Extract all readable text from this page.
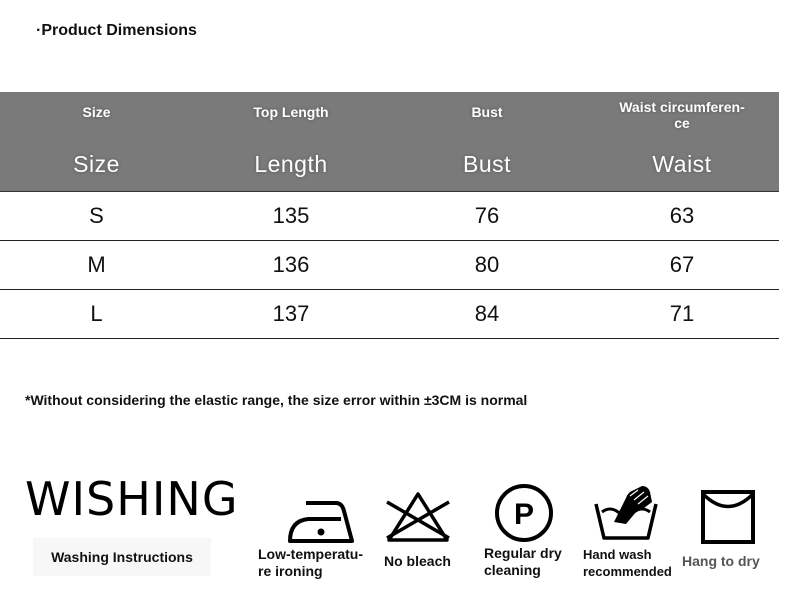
·Product Dimensions
Size	Top Length	Bust	Waist circumferen-
ce
Size	Length	Bust	Waist
S	135	76	63
M	136	80	67
L	137	84	71
*Without considering the elastic range, the size error within ±3CM is normal
WISHING
Washing Instructions	Low-temperatu-
re ironing
No bleach
P
Regular dry
cleaning
Hand wash
recommended
Hang to dry
